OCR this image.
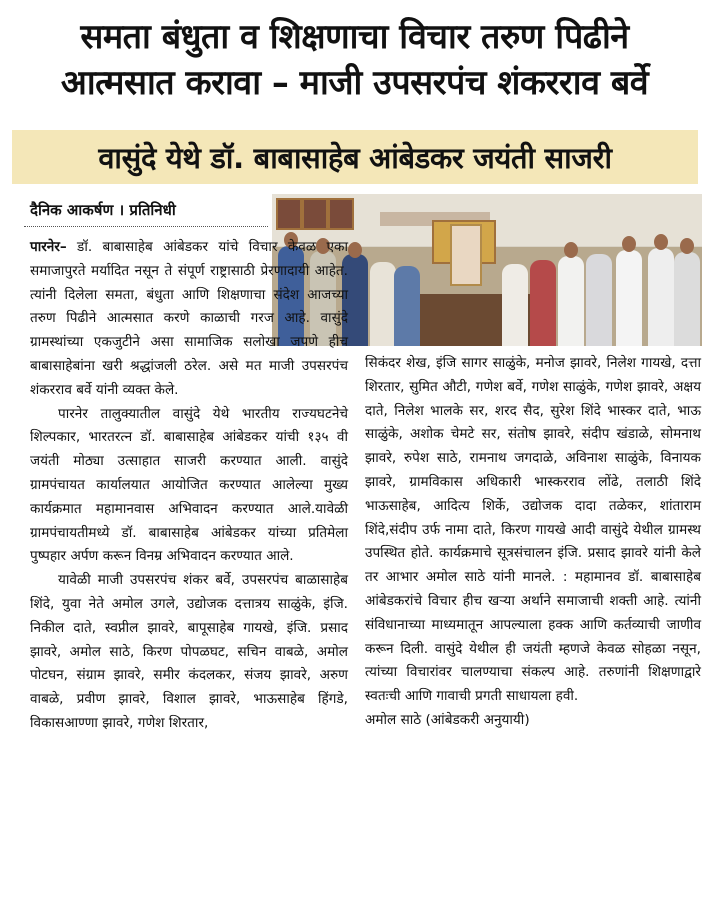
समता बंधुता व शिक्षणाचा विचार तरुण पिढीने
आत्मसात करावा – माजी उपसरपंच शंकरराव बर्वे
वासुंदे येथे डॉ. बाबासाहेब आंबेडकर जयंती साजरी
दैनिक आकर्षण । प्रतिनिधी

पारनेर– डॉ. बाबासाहेब आंबेडकर यांचे विचार केवळ एका समाजापुरते मर्यादित नसून ते संपूर्ण राष्ट्रासाठी प्रेरणादायी आहेत. त्यांनी दिलेला समता, बंधुता आणि शिक्षणाचा संदेश आजच्या तरुण पिढीने आत्मसात करणे काळाची गरज आहे. वासुंदे ग्रामस्थांच्या एकजुटीने असा सामाजिक सलोखा जपणे हीच बाबासाहेबांना खरी श्रद्धांजली ठरेल. असे मत माजी उपसरपंच शंकरराव बर्वे यांनी व्यक्त केले.

पारनेर तालुक्यातील वासुंदे येथे भारतीय राज्यघटनेचे शिल्पकार, भारतरत्न डॉ. बाबासाहेब आंबेडकर यांची १३५ वी जयंती मोठ्या उत्साहात साजरी करण्यात आली. वासुंदे ग्रामपंचायत कार्यालयात आयोजित करण्यात आलेल्या मुख्य कार्यक्रमात महामानवास अभिवादन करण्यात आले.यावेळी ग्रामपंचायतीमध्ये डॉ. बाबासाहेब आंबेडकर यांच्या प्रतिमेला पुष्पहार अर्पण करून विनम्र अभिवादन करण्यात आले.

यावेळी माजी उपसरपंच शंकर बर्वे, उपसरपंच बाळासाहेब शिंदे, युवा नेते अमोल उगले, उद्योजक दत्तात्रय साळुंके, इंजि. निकील दाते, स्वप्नील झावरे, बापूसाहेब गायखे, इंजि. प्रसाद झावरे, अमोल साठे, किरण पोपळघट, सचिन वाबळे, अमोल पोटघन, संग्राम झावरे, समीर कंदलकर, संजय झावरे, अरुण वाबळे, प्रवीण झावरे, विशाल झावरे, भाऊसाहेब हिंगडे, विकासआण्णा झावरे, गणेश शिरतार,

सिकंदर शेख, इंजि सागर साळुंके, मनोज झावरे, निलेश गायखे, दत्ता शिरतार, सुमित औटी, गणेश बर्वे, गणेश साळुंके, गणेश झावरे, अक्षय दाते, निलेश भालके सर, शरद सैद, सुरेश शिंदे भास्कर दाते, भाऊ साळुंके, अशोक चेमटे सर, संतोष झावरे, संदीप खंडाळे, सोमनाथ झावरे, रुपेश साठे, रामनाथ जगदाळे, अविनाश साळुंके, विनायक झावरे, ग्रामविकास अधिकारी भास्करराव लोंढे, तलाठी शिंदे भाऊसाहेब, आदित्य शिर्के, उद्योजक दादा तळेकर, शांताराम शिंदे,संदीप उर्फ नामा दाते, किरण गायखे आदी वासुंदे येथील ग्रामस्थ उपस्थित होते. कार्यक्रमाचे सूत्रसंचालन इंजि. प्रसाद झावरे यांनी केले तर आभार अमोल साठे यांनी मानले. : महामानव डॉ. बाबासाहेब आंबेडकरांचे विचार हीच खऱ्या अर्थाने समाजाची शक्ती आहे. त्यांनी संविधानाच्या माध्यमातून आपल्याला हक्क आणि कर्तव्याची जाणीव करून दिली. वासुंदे येथील ही जयंती म्हणजे केवळ सोहळा नसून, त्यांच्या विचारांवर चालण्याचा संकल्प आहे. तरुणांनी शिक्षणाद्वारे स्वतःची आणि गावाची प्रगती साधायला हवी.

अमोल साठे (आंबेडकरी अनुयायी)
